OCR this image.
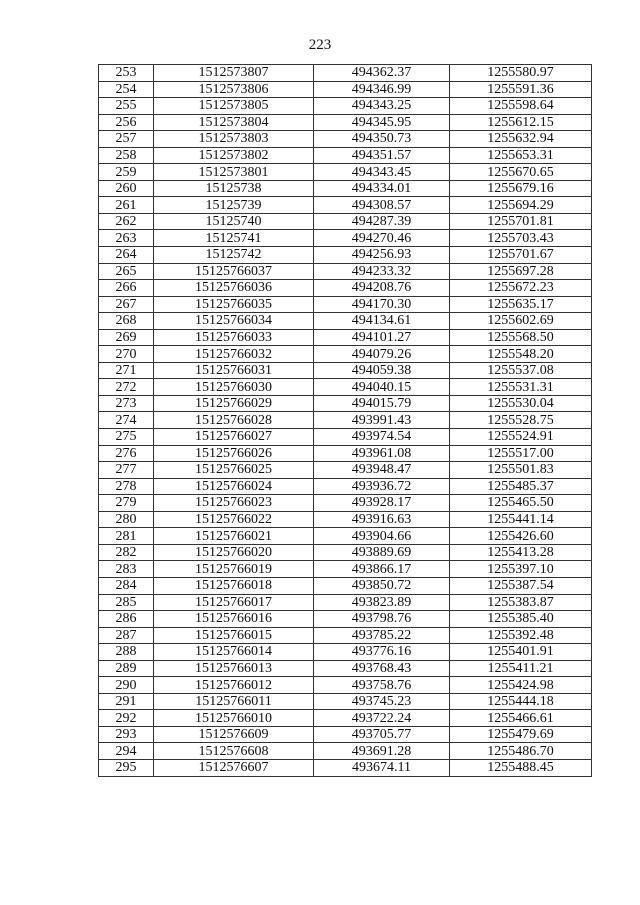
223
253	1512573807	494362.37	1255580.97
254	1512573806	494346.99	1255591.36
255	1512573805	494343.25	1255598.64
256	1512573804	494345.95	1255612.15
257	1512573803	494350.73	1255632.94
258	1512573802	494351.57	1255653.31
259	1512573801	494343.45	1255670.65
260	15125738	494334.01	1255679.16
261	15125739	494308.57	1255694.29
262	15125740	494287.39	1255701.81
263	15125741	494270.46	1255703.43
264	15125742	494256.93	1255701.67
265	15125766037	494233.32	1255697.28
266	15125766036	494208.76	1255672.23
267	15125766035	494170.30	1255635.17
268	15125766034	494134.61	1255602.69
269	15125766033	494101.27	1255568.50
270	15125766032	494079.26	1255548.20
271	15125766031	494059.38	1255537.08
272	15125766030	494040.15	1255531.31
273	15125766029	494015.79	1255530.04
274	15125766028	493991.43	1255528.75
275	15125766027	493974.54	1255524.91
276	15125766026	493961.08	1255517.00
277	15125766025	493948.47	1255501.83
278	15125766024	493936.72	1255485.37
279	15125766023	493928.17	1255465.50
280	15125766022	493916.63	1255441.14
281	15125766021	493904.66	1255426.60
282	15125766020	493889.69	1255413.28
283	15125766019	493866.17	1255397.10
284	15125766018	493850.72	1255387.54
285	15125766017	493823.89	1255383.87
286	15125766016	493798.76	1255385.40
287	15125766015	493785.22	1255392.48
288	15125766014	493776.16	1255401.91
289	15125766013	493768.43	1255411.21
290	15125766012	493758.76	1255424.98
291	15125766011	493745.23	1255444.18
292	15125766010	493722.24	1255466.61
293	1512576609	493705.77	1255479.69
294	1512576608	493691.28	1255486.70
295	1512576607	493674.11	1255488.45
